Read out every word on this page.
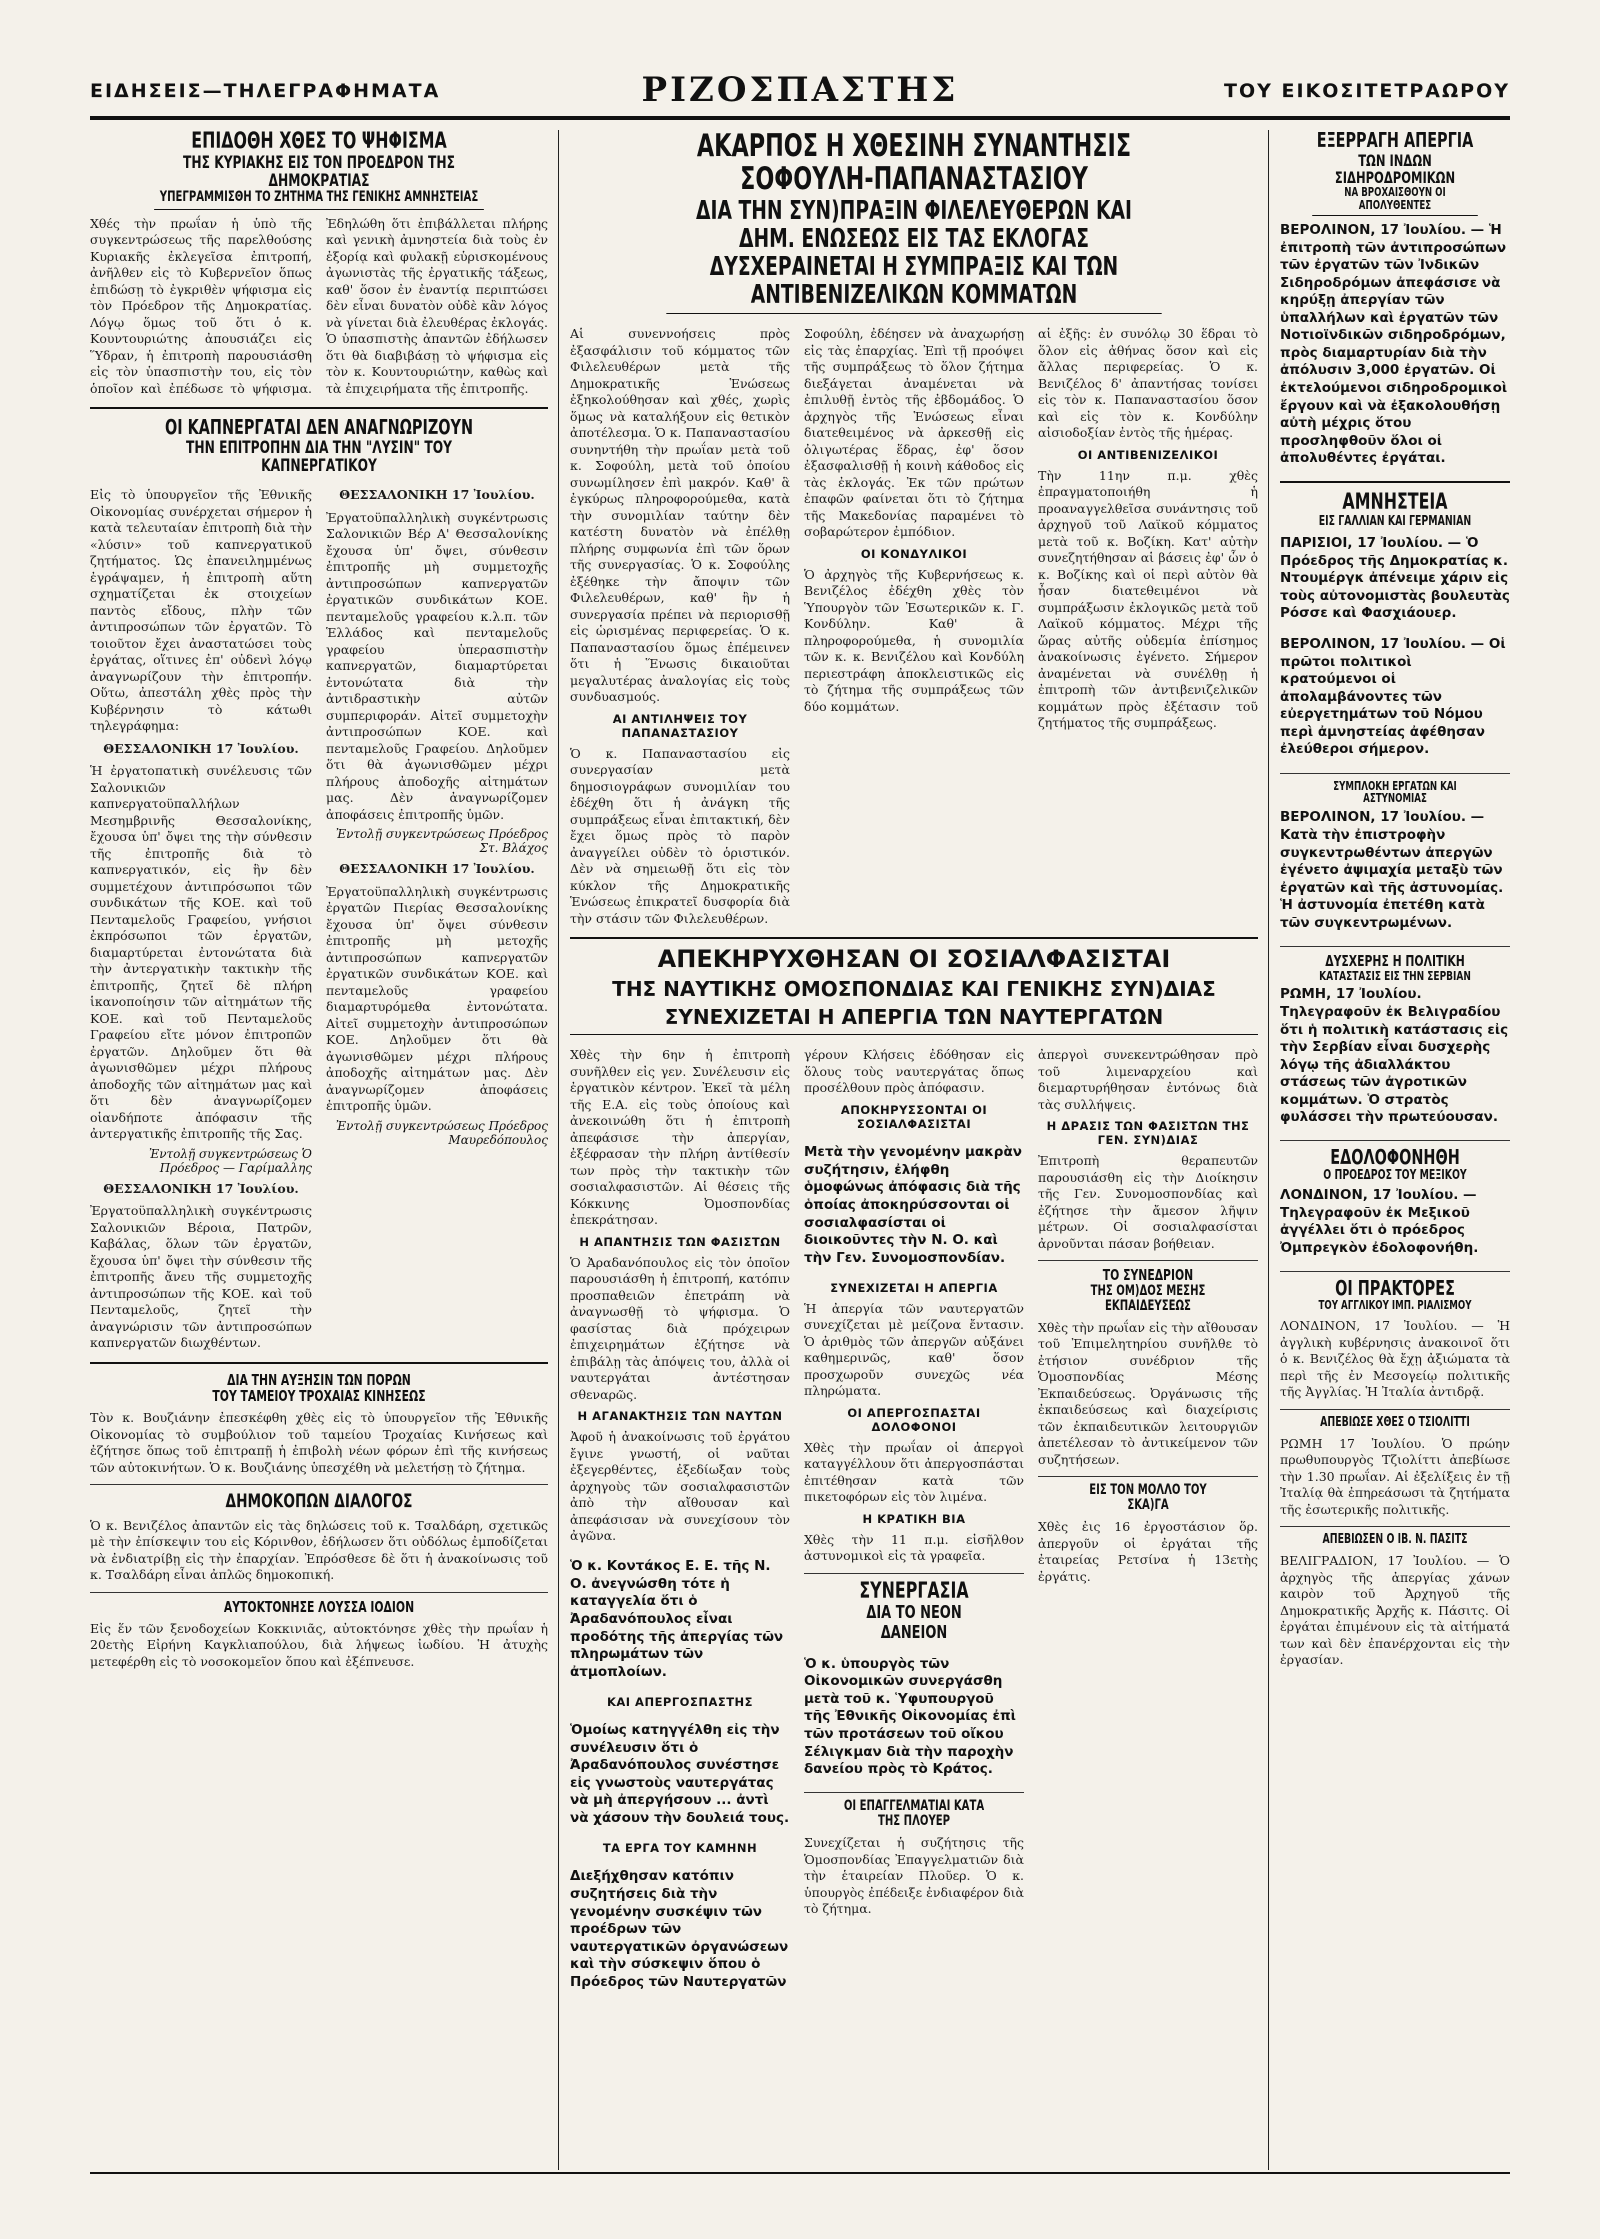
ΕΙΔΗΣΕΙΣ—ΤΗΛΕΓΡΑΦΗΜΑΤΑ	ΡΙΖΟΣΠΑΣΤΗΣ	ΤΟΥ ΕΙΚΟΣΙΤΕΤΡΑΩΡΟΥ
ΕΠΙΔΟΘΗ ΧΘΕΣ ΤΟ ΨΗΦΙΣΜΑ
ΤΗΣ ΚΥΡΙΑΚΗΣ ΕΙΣ ΤΟΝ ΠΡΟΕΔΡΟΝ ΤΗΣ ΔΗΜΟΚΡΑΤΙΑΣ
ΥΠΕΓΡΑΜΜΙΣΘΗ ΤΟ ΖΗΤΗΜΑ ΤΗΣ ΓΕΝΙΚΗΣ ΑΜΝΗΣΤΕΙΑΣ

Χθές τὴν πρωΐαν ἡ ὑπὸ τῆς συγκεντρώσεως τῆς παρελθούσης Κυριακῆς ἐκλεγεῖσα ἐπιτροπή, ἀνῆλθεν εἰς τὸ Κυβερνεῖον ὅπως ἐπιδώσῃ τὸ ἐγκριθὲν ψήφισμα εἰς τὸν Πρόεδρον τῆς Δημοκρατίας. Λόγῳ ὅμως τοῦ ὅτι ὁ κ. Κουντουριώτης ἀπουσιάζει εἰς Ὕδραν, ἡ ἐπιτροπὴ παρουσιάσθη εἰς τὸν ὑπασπιστὴν του, εἰς τὸν ὁποῖον καὶ ἐπέδωσε τὸ ψήφισμα. Ἐδηλώθη ὅτι ἐπιβάλλεται πλήρης καὶ γενικὴ ἀμνηστεία διὰ τοὺς ἐν ἐξορίᾳ καὶ φυλακῇ εὑρισκομένους ἀγωνιστὰς τῆς ἐργατικῆς τάξεως, καθ' ὅσον ἐν ἐναντίᾳ περιπτώσει δὲν εἶναι δυνατὸν οὐδὲ κἂν λόγος νὰ γίνεται διὰ ἐλευθέρας ἐκλογάς. Ὁ ὑπασπιστὴς ἀπαντῶν ἐδήλωσεν ὅτι θὰ διαβιβάσῃ τὸ ψήφισμα εἰς τὸν κ. Κουντουριώτην, καθὼς καὶ τὰ ἐπιχειρήματα τῆς ἐπιτροπῆς.

ΟΙ ΚΑΠΝΕΡΓΑΤΑΙ ΔΕΝ ΑΝΑΓΝΩΡΙΖΟΥΝ
ΤΗΝ ΕΠΙΤΡΟΠΗΝ ΔΙΑ ΤΗΝ "ΛΥΣΙΝ" ΤΟΥ ΚΑΠΝΕΡΓΑΤΙΚΟΥ

Εἰς τὸ ὑπουργεῖον τῆς Ἐθνικῆς Οἰκονομίας συνέρχεται σήμερον ἡ κατὰ τελευταίαν ἐπιτροπὴ διὰ τὴν «λύσιν» τοῦ καπνεργατικοῦ ζητήματος. Ὡς ἐπανειλημμένως ἐγράψαμεν, ἡ ἐπιτροπὴ αὕτη σχηματίζεται ἐκ στοιχείων παντὸς εἴδους, πλὴν τῶν ἀντιπροσώπων τῶν ἐργατῶν. Τὸ τοιοῦτον ἔχει ἀναστατώσει τοὺς ἐργάτας, οἵτινες ἐπ' οὐδενὶ λόγῳ ἀναγνωρίζουν τὴν ἐπιτροπήν. Οὕτω, ἀπεστάλη χθὲς πρὸς τὴν Κυβέρνησιν τὸ κάτωθι τηλεγράφημα:

ΘΕΣΣΑΛΟΝΙΚΗ 17 Ἰουλίου.

Ἡ ἐργατοπατικὴ συνέλευσις τῶν Σαλονικιῶν καπνεργατοϋπαλλήλων Μεσημβρινῆς Θεσσαλονίκης, ἔχουσα ὑπ' ὄψει της τὴν σύνθεσιν τῆς ἐπιτροπῆς διὰ τὸ καπνεργατικόν, εἰς ἣν δὲν συμμετέχουν ἀντιπρόσωποι τῶν συνδικάτων τῆς ΚΟΕ. καὶ τοῦ Πενταμελοῦς Γραφείου, γνήσιοι ἐκπρόσωποι τῶν ἐργατῶν, διαμαρτύρεται ἐντονώτατα διὰ τὴν ἀντεργατικὴν τακτικὴν τῆς ἐπιτροπῆς, ζητεῖ δὲ πλήρη ἱκανοποίησιν τῶν αἰτημάτων τῆς ΚΟΕ. καὶ τοῦ Πενταμελοῦς Γραφείου εἴτε μόνον ἐπιτροπῶν ἐργατῶν. Δηλοῦμεν ὅτι θὰ ἀγωνισθῶμεν μέχρι πλήρους ἀποδοχῆς τῶν αἰτημάτων μας καὶ ὅτι δὲν ἀναγνωρίζομεν οἱανδήποτε ἀπόφασιν τῆς ἀντεργατικῆς ἐπιτροπῆς τῆς Σας.

Ἐντολῇ συγκεντρώσεως Ὁ Πρόεδρος — Γαρίμαλλης

ΘΕΣΣΑΛΟΝΙΚΗ 17 Ἰουλίου.

Ἐργατοϋπαλληλικὴ συγκέντρωσις Σαλονικιῶν Βέροια, Πατρῶν, Καβάλας, ὅλων τῶν ἐργατῶν, ἔχουσα ὑπ' ὄψει τὴν σύνθεσιν τῆς ἐπιτροπῆς ἄνευ τῆς συμμετοχῆς ἀντιπροσώπων τῆς ΚΟΕ. καὶ τοῦ Πενταμελοῦς, ζητεῖ τὴν ἀναγνώρισιν τῶν ἀντιπροσώπων καπνεργατῶν διωχθέντων.

ΘΕΣΣΑΛΟΝΙΚΗ 17 Ἰουλίου.

Ἐργατοϋπαλληλικὴ συγκέντρωσις Σαλονικιῶν Βέρ Α' Θεσσαλονίκης ἔχουσα ὑπ' ὄψει, σύνθεσιν ἐπιτροπῆς μὴ συμμετοχῆς ἀντιπροσώπων καπνεργατῶν ἐργατικῶν συνδικάτων ΚΟΕ. πενταμελοῦς γραφείου κ.λ.π. τῶν Ἑλλάδος καὶ πενταμελοῦς γραφείου ὑπερασπιστὴν καπνεργατῶν, διαμαρτύρεται ἐντονώτατα διὰ τὴν ἀντιδραστικὴν αὐτῶν συμπεριφοράν. Αἰτεῖ συμμετοχὴν ἀντιπροσώπων ΚΟΕ. καὶ πενταμελοῦς Γραφείου. Δηλοῦμεν ὅτι θὰ ἀγωνισθῶμεν μέχρι πλήρους ἀποδοχῆς αἰτημάτων μας. Δὲν ἀναγνωρίζομεν ἀποφάσεις ἐπιτροπῆς ὑμῶν.

Ἐντολῇ συγκεντρώσεως Πρόεδρος Στ. Βλάχος

ΘΕΣΣΑΛΟΝΙΚΗ 17 Ἰουλίου.

Ἐργατοϋπαλληλικὴ συγκέντρωσις ἐργατῶν Πιερίας Θεσσαλονίκης ἔχουσα ὑπ' ὄψει σύνθεσιν ἐπιτροπῆς μὴ μετοχῆς ἀντιπροσώπων καπνεργατῶν ἐργατικῶν συνδικάτων ΚΟΕ. καὶ πενταμελοῦς γραφείου διαμαρτυρόμεθα ἐντονώτατα. Αἰτεῖ συμμετοχὴν ἀντιπροσώπων ΚΟΕ. Δηλοῦμεν ὅτι θὰ ἀγωνισθῶμεν μέχρι πλήρους ἀποδοχῆς αἰτημάτων μας. Δὲν ἀναγνωρίζομεν ἀποφάσεις ἐπιτροπῆς ὑμῶν.

Ἐντολῇ συγκεντρώσεως Πρόεδρος Μαυρεδόπουλος
ΔΙΑ ΤΗΝ ΑΥΞΗΣΙΝ ΤΩΝ ΠΟΡΩΝ
ΤΟΥ ΤΑΜΕΙΟΥ ΤΡΟΧΑΙΑΣ ΚΙΝΗΣΕΩΣ

Τὸν κ. Βουζιάνην ἐπεσκέφθη χθὲς εἰς τὸ ὑπουργεῖον τῆς Ἐθνικῆς Οἰκονομίας τὸ συμβούλιον τοῦ ταμείου Τροχαίας Κινήσεως καὶ ἐζήτησε ὅπως τοῦ ἐπιτραπῇ ἡ ἐπιβολὴ νέων φόρων ἐπὶ τῆς κινήσεως τῶν αὐτοκινήτων. Ὁ κ. Βουζιάνης ὑπεσχέθη νὰ μελετήσῃ τὸ ζήτημα.

ΔΗΜΟΚΟΠΩΝ ΔΙΑΛΟΓΟΣ

Ὁ κ. Βενιζέλος ἀπαντῶν εἰς τὰς δηλώσεις τοῦ κ. Τσαλδάρη, σχετικῶς μὲ τὴν ἐπίσκεψιν του εἰς Κόρινθον, ἐδήλωσεν ὅτι οὐδόλως ἐμποδίζεται νὰ ἐνδιατρίβῃ εἰς τὴν ἐπαρχίαν. Ἐπρόσθεσε δὲ ὅτι ἡ ἀνακοίνωσις τοῦ κ. Τσαλδάρη εἶναι ἀπλῶς δημοκοπική.

ΑΥΤΟΚΤΟΝΗΣΕ ΛΟΥΣΣΑ ΙΟΔΙΟΝ

Εἰς ἕν τῶν ξενοδοχείων Κοκκινιᾶς, αὐτοκτόνησε χθὲς τὴν πρωΐαν ἡ 20ετὴς Εἰρήνη Καγκλιαπούλου, διὰ λήψεως ἰωδίου. Ἡ ἀτυχὴς μετεφέρθη εἰς τὸ νοσοκομεῖον ὅπου καὶ ἐξέπνευσε.

ΑΚΑΡΠΟΣ Η ΧΘΕΣΙΝΗ ΣΥΝΑΝΤΗΣΙΣ ΣΟΦΟΥΛΗ-ΠΑΠΑΝΑΣΤΑΣΙΟΥ
ΔΙΑ ΤΗΝ ΣΥΝ)ΠΡΑΞΙΝ ΦΙΛΕΛΕΥΘΕΡΩΝ ΚΑΙ ΔΗΜ. ΕΝΩΣΕΩΣ ΕΙΣ ΤΑΣ ΕΚΛΟΓΑΣ
ΔΥΣΧΕΡΑΙΝΕΤΑΙ Η ΣΥΜΠΡΑΞΙΣ ΚΑΙ ΤΩΝ ΑΝΤΙΒΕΝΙΖΕΛΙΚΩΝ ΚΟΜΜΑΤΩΝ

Αἱ συνεννοήσεις πρὸς ἐξασφάλισιν τοῦ κόμματος τῶν Φιλελευθέρων μετὰ τῆς Δημοκρατικῆς Ἑνώσεως ἐξηκολούθησαν καὶ χθές, χωρὶς ὅμως νὰ καταλήξουν εἰς θετικὸν ἀποτέλεσμα. Ὁ κ. Παπαναστασίου συνηντήθη τὴν πρωΐαν μετὰ τοῦ κ. Σοφούλη, μετὰ τοῦ ὁποίου συνωμίλησεν ἐπὶ μακρόν. Καθ' ἃ ἐγκύρως πληροφορούμεθα, κατὰ τὴν συνομιλίαν ταύτην δὲν κατέστη δυνατὸν νὰ ἐπέλθῃ πλήρης συμφωνία ἐπὶ τῶν ὅρων τῆς συνεργασίας. Ὁ κ. Σοφούλης ἐξέθηκε τὴν ἄποψιν τῶν Φιλελευθέρων, καθ' ἣν ἡ συνεργασία πρέπει νὰ περιορισθῇ εἰς ὡρισμένας περιφερείας. Ὁ κ. Παπαναστασίου ὅμως ἐπέμεινεν ὅτι ἡ Ἕνωσις δικαιοῦται μεγαλυτέρας ἀναλογίας εἰς τοὺς συνδυασμούς.

ΑΙ ΑΝΤΙΛΗΨΕΙΣ ΤΟΥ ΠΑΠΑΝΑΣΤΑΣΙΟΥ

Ὁ κ. Παπαναστασίου εἰς συνεργασίαν μετὰ δημοσιογράφων συνομιλίαν του ἐδέχθη ὅτι ἡ ἀνάγκη τῆς συμπράξεως εἶναι ἐπιτακτική, δὲν ἔχει ὅμως πρὸς τὸ παρὸν ἀναγγείλει οὐδὲν τὸ ὁριστικόν. Δὲν νὰ σημειωθῇ ὅτι εἰς τὸν κύκλον τῆς Δημοκρατικῆς Ἑνώσεως ἐπικρατεῖ δυσφορία διὰ τὴν στάσιν τῶν Φιλελευθέρων.

Σοφούλη, ἐδέησεν νὰ ἀναχωρήσῃ εἰς τὰς ἐπαρχίας. Ἐπὶ τῇ προόψει τῆς συμπράξεως τὸ ὅλον ζήτημα διεξάγεται ἀναμένεται νὰ ἐπιλυθῇ ἐντὸς τῆς ἐβδομάδος. Ὁ ἀρχηγὸς τῆς Ἑνώσεως εἶναι διατεθειμένος νὰ ἀρκεσθῇ εἰς ὀλιγωτέρας ἕδρας, ἐφ' ὅσον ἐξασφαλισθῇ ἡ κοινὴ κάθοδος εἰς τὰς ἐκλογάς. Ἐκ τῶν πρώτων ἐπαφῶν φαίνεται ὅτι τὸ ζήτημα τῆς Μακεδονίας παραμένει τὸ σοβαρώτερον ἐμπόδιον.

ΟΙ ΚΟΝΔΥΛΙΚΟΙ

Ὁ ἀρχηγὸς τῆς Κυβερνήσεως κ. Βενιζέλος ἐδέχθη χθὲς τὸν Ὑπουργὸν τῶν Ἐσωτερικῶν κ. Γ. Κονδύλην. Καθ' ἃ πληροφορούμεθα, ἡ συνομιλία τῶν κ. κ. Βενιζέλου καὶ Κονδύλη περιεστράφη ἀποκλειστικῶς εἰς τὸ ζήτημα τῆς συμπράξεως τῶν δύο κομμάτων.

αἱ ἐξῆς: ἐν συνόλῳ 30 ἕδραι τὸ ὅλον εἰς ἀθήνας ὅσον καὶ εἰς ἄλλας περιφερείας. Ὁ κ. Βενιζέλος δ' ἀπαντήσας τονίσει εἰς τὸν κ. Παπαναστασίου ὅσον καὶ εἰς τὸν κ. Κονδύλην αἰσιοδοξίαν ἐντὸς τῆς ἡμέρας.

ΟΙ ΑΝΤΙΒΕΝΙΖΕΛΙΚΟΙ

Τὴν 11ην π.μ. χθὲς ἐπραγματοποιήθη ἡ προαναγγελθεῖσα συνάντησις τοῦ ἀρχηγοῦ τοῦ Λαϊκοῦ κόμματος μετὰ τοῦ κ. Βοζίκη. Κατ' αὐτὴν συνεζητήθησαν αἱ βάσεις ἐφ' ὧν ὁ κ. Βοζίκης καὶ οἱ περὶ αὐτὸν θὰ ἦσαν διατεθειμένοι νὰ συμπράξωσιν ἐκλογικῶς μετὰ τοῦ Λαϊκοῦ κόμματος. Μέχρι τῆς ὥρας αὐτῆς οὐδεμία ἐπίσημος ἀνακοίνωσις ἐγένετο. Σήμερον ἀναμένεται νὰ συνέλθῃ ἡ ἐπιτροπὴ τῶν ἀντιβενιζελικῶν κομμάτων πρὸς ἐξέτασιν τοῦ ζητήματος τῆς συμπράξεως.

ΑΠΕΚΗΡΥΧΘΗΣΑΝ ΟΙ ΣΟΣΙΑΛΦΑΣΙΣΤΑΙ
ΤΗΣ ΝΑΥΤΙΚΗΣ ΟΜΟΣΠΟΝΔΙΑΣ ΚΑΙ ΓΕΝΙΚΗΣ ΣΥΝ)ΔΙΑΣ
ΣΥΝΕΧΙΖΕΤΑΙ Η ΑΠΕΡΓΙΑ ΤΩΝ ΝΑΥΤΕΡΓΑΤΩΝ

Χθὲς τὴν 6ην ἡ ἐπιτροπὴ συνῆλθεν εἰς γεν. Συνέλευσιν εἰς ἐργατικὸν κέντρον. Ἐκεῖ τὰ μέλη τῆς Ε.Α. εἰς τοὺς ὁποίους καὶ ἀνεκοινώθη ὅτι ἡ ἐπιτροπὴ ἀπεφάσισε τὴν ἀπεργίαν, ἐξέφρασαν τὴν πλήρη ἀντίθεσίν των πρὸς τὴν τακτικὴν τῶν σοσιαλφασιστῶν. Αἱ θέσεις τῆς Κόκκινης Ὀμοσπονδίας ἐπεκράτησαν.

Η ΑΠΑΝΤΗΣΙΣ ΤΩΝ ΦΑΣΙΣΤΩΝ

Ὁ Ἀραδανόπουλος εἰς τὸν ὁποῖον παρουσιάσθη ἡ ἐπιτροπή, κατόπιν προσπαθειῶν ἐπετράπη νὰ ἀναγνωσθῇ τὸ ψήφισμα. Ὁ φασίστας διὰ πρόχειρων ἐπιχειρημάτων ἐζήτησε νὰ ἐπιβάλῃ τὰς ἀπόψεις του, ἀλλὰ οἱ ναυτεργάται ἀντέστησαν σθεναρῶς.

Η ΑΓΑΝΑΚΤΗΣΙΣ ΤΩΝ ΝΑΥΤΩΝ

Ἀφοῦ ἡ ἀνακοίνωσις τοῦ ἐργάτου ἔγινε γνωστή, οἱ ναῦται ἐξεγερθέντες, ἐξεδίωξαν τοὺς ἀρχηγοὺς τῶν σοσιαλφασιστῶν ἀπὸ τὴν αἴθουσαν καὶ ἀπεφάσισαν νὰ συνεχίσουν τὸν ἀγῶνα.

Ὁ κ. Κοντάκος Ε. Ε. τῆς Ν. Ο. ἀνεγνώσθη τότε ἡ καταγγελία ὅτι ὁ Ἀραδανόπουλος εἶναι προδότης τῆς ἀπεργίας τῶν πληρωμάτων τῶν ἀτμοπλοίων.

ΚΑΙ ΑΠΕΡΓΟΣΠΑΣΤΗΣ

Ὁμοίως κατηγγέλθη εἰς τὴν συνέλευσιν ὅτι ὁ Ἀραδανόπουλος συνέστησε εἰς γνωστοὺς ναυτεργάτας νὰ μὴ ἀπεργήσουν ... ἀντὶ νὰ χάσουν τὴν δουλειά τους.

ΤΑ ΕΡΓΑ ΤΟΥ ΚΑΜΗΝΗ

Διεξήχθησαν κατόπιν συζητήσεις διὰ τὴν γενομένην συσκέψιν τῶν προέδρων τῶν ναυτεργατικῶν ὀργανώσεων καὶ τὴν σύσκεψιν ὅπου ὁ Πρόεδρος τῶν Ναυτεργατῶν

γέρουν Κλήσεις ἐδόθησαν εἰς ὅλους τοὺς ναυτεργάτας ὅπως προσέλθουν πρὸς ἀπόφασιν.

ΑΠΟΚΗΡΥΣΣΟΝΤΑΙ ΟΙ ΣΟΣΙΑΛΦΑΣΙΣΤΑΙ

Μετὰ τὴν γενομένην μακρὰν συζήτησιν, ἐλήφθη ὁμοφώνως ἀπόφασις διὰ τῆς ὁποίας ἀποκηρύσσονται οἱ σοσιαλφασίσται οἱ διοικοῦντες τὴν Ν. Ο. καὶ τὴν Γεν. Συνομοσπονδίαν.

ΣΥΝΕΧΙΖΕΤΑΙ Η ΑΠΕΡΓΙΑ

Ἡ ἀπεργία τῶν ναυτεργατῶν συνεχίζεται μὲ μείζονα ἔντασιν. Ὁ ἀριθμὸς τῶν ἀπεργῶν αὐξάνει καθημερινῶς, καθ' ὅσον προσχωροῦν συνεχῶς νέα πληρώματα.

ΟΙ ΑΠΕΡΓΟΣΠΑΣΤΑΙ ΔΟΛΟΦΟΝΟΙ

Χθὲς τὴν πρωΐαν οἱ ἀπεργοὶ καταγγέλλουν ὅτι ἀπεργοσπάσται ἐπιτέθησαν κατὰ τῶν πικετοφόρων εἰς τὸν λιμένα.

Η ΚΡΑΤΙΚΗ ΒΙΑ

Χθὲς τὴν 11 π.μ. εἰσῆλθον ἀστυνομικοὶ εἰς τὰ γραφεῖα.

ΣΥΝΕΡΓΑΣΙΑ
ΔΙΑ ΤΟ ΝΕΟΝ ΔΑΝΕΙΟΝ

Ὁ κ. ὑπουργὸς τῶν Οἰκονομικῶν συνεργάσθη μετὰ τοῦ κ. Ὑφυπουργοῦ τῆς Ἐθνικῆς Οἰκονομίας ἐπὶ τῶν προτάσεων τοῦ οἴκου Σέλιγκμαν διὰ τὴν παροχὴν δανείου πρὸς τὸ Κράτος.

ΟΙ ΕΠΑΓΓΕΛΜΑΤΙΑΙ ΚΑΤΑ ΤΗΣ ΠΛΟΥΕΡ

Συνεχίζεται ἡ συζήτησις τῆς Ὁμοσπονδίας Ἐπαγγελματιῶν διὰ τὴν ἑταιρείαν Πλοῦερ. Ὁ κ. ὑπουργὸς ἐπέδειξε ἐνδιαφέρον διὰ τὸ ζήτημα.

ἀπεργοὶ συνεκεντρώθησαν πρὸ τοῦ λιμεναρχείου καὶ διεμαρτυρήθησαν ἐντόνως διὰ τὰς συλλήψεις.

Η ΔΡΑΣΙΣ ΤΩΝ ΦΑΣΙΣΤΩΝ ΤΗΣ ΓΕΝ. ΣΥΝ)ΔΙΑΣ

Ἐπιτροπὴ θεραπευτῶν παρουσιάσθη εἰς τὴν Διοίκησιν τῆς Γεν. Συνομοσπονδίας καὶ ἐζήτησε τὴν ἄμεσον λῆψιν μέτρων. Οἱ σοσιαλφασίσται ἀρνοῦνται πάσαν βοήθειαν.

ΤΟ ΣΥΝΕΔΡΙΟΝ
ΤΗΣ ΟΜ)ΔΟΣ ΜΕΣΗΣ ΕΚΠΑΙΔΕΥΣΕΩΣ

Χθὲς τὴν πρωΐαν εἰς τὴν αἴθουσαν τοῦ Ἐπιμελητηρίου συνῆλθε τὸ ἐτήσιον συνέδριον τῆς Ὁμοσπονδίας Μέσης Ἐκπαιδεύσεως. Ὀργάνωσις τῆς ἐκπαιδεύσεως καὶ διαχείρισις τῶν ἐκπαιδευτικῶν λειτουργιῶν ἀπετέλεσαν τὸ ἀντικείμενον τῶν συζητήσεων.

ΕΙΣ ΤΟΝ ΜΟΛΛΟ ΤΟΥ ΣΚΑ)ΓΑ

Χθὲς ἐις 16 ἐργοστάσιον ὅρ. ἀπεργοῦν οἱ ἐργάται τῆς ἐταιρείας Ρετσίνα ἡ 13ετὴς ἐργάτις.

ΕΞΕΡΡΑΓΗ ΑΠΕΡΓΙΑ
ΤΩΝ ΙΝΔΩΝ ΣΙΔΗΡΟΔΡΟΜΙΚΩΝ
ΝΑ ΒΡΟΧΑΙΣΘΟΥΝ ΟΙ ΑΠΟΛΥΘΕΝΤΕΣ

ΒΕΡΟΛΙΝΟΝ, 17 Ἰουλίου. — Ἡ ἐπιτροπὴ τῶν ἀντιπροσώπων τῶν ἐργατῶν τῶν Ἰνδικῶν Σιδηροδρόμων ἀπεφάσισε νὰ κηρύξῃ ἀπεργίαν τῶν ὑπαλλήλων καὶ ἐργατῶν τῶν Νοτιοϊνδικῶν σιδηροδρόμων, πρὸς διαμαρτυρίαν διὰ τὴν ἀπόλυσιν 3,000 ἐργατῶν. Οἱ ἐκτελούμενοι σιδηροδρομικοὶ ἔργουν καὶ νὰ ἐξακολουθήσῃ αὐτὴ μέχρις ὅτου προσληφθοῦν ὅλοι οἱ ἀπολυθέντες ἐργάται.

ΑΜΝΗΣΤΕΙΑ
ΕΙΣ ΓΑΛΛΙΑΝ ΚΑΙ ΓΕΡΜΑΝΙΑΝ

ΠΑΡΙΣΙΟΙ, 17 Ἰουλίου. — Ὁ Πρόεδρος τῆς Δημοκρατίας κ. Ντουμέργκ ἀπένειμε χάριν εἰς τοὺς αὐτονομιστὰς βουλευτὰς Ρόσσε καὶ Φασχιάουερ.

ΒΕΡΟΛΙΝΟΝ, 17 Ἰουλίου. — Οἱ πρῶτοι πολιτικοὶ κρατούμενοι οἱ ἀπολαμβάνοντες τῶν εὐεργετημάτων τοῦ Νόμου περὶ ἀμνηστείας ἀφέθησαν ἐλεύθεροι σήμερον.

ΣΥΜΠΛΟΚΗ ΕΡΓΑΤΩΝ ΚΑΙ ΑΣΤΥΝΟΜΙΑΣ

ΒΕΡΟΛΙΝΟΝ, 17 Ἰουλίου. — Κατὰ τὴν ἐπιστροφὴν συγκεντρωθέντων ἀπεργῶν ἐγένετο ἀψιμαχία μεταξὺ τῶν ἐργατῶν καὶ τῆς ἀστυνομίας. Ἡ ἀστυνομία ἐπετέθη κατὰ τῶν συγκεντρωμένων.

ΔΥΣΧΕΡΗΣ Η ΠΟΛΙΤΙΚΗ
ΚΑΤΑΣΤΑΣΙΣ ΕΙΣ ΤΗΝ ΣΕΡΒΙΑΝ

ΡΩΜΗ, 17 Ἰουλίου. Τηλεγραφοῦν ἐκ Βελιγραδίου ὅτι ἡ πολιτικὴ κατάστασις εἰς τὴν Σερβίαν εἶναι δυσχερὴς λόγῳ τῆς ἀδιαλλάκτου στάσεως τῶν ἀγροτικῶν κομμάτων. Ὁ στρατὸς φυλάσσει τὴν πρωτεύουσαν.

ΕΔΟΛΟΦΟΝΗΘΗ
Ο ΠΡΟΕΔΡΟΣ ΤΟΥ ΜΕΞΙΚΟΥ

ΛΟΝΔΙΝΟΝ, 17 Ἰουλίου. — Τηλεγραφοῦν ἐκ Μεξικοῦ ἀγγέλλει ὅτι ὁ πρόεδρος Ὀμπρεγκὸν ἐδολοφονήθη.

ΟΙ ΠΡΑΚΤΟΡΕΣ
ΤΟΥ ΑΓΓΛΙΚΟΥ ΙΜΠ. ΡΙΑΛΙΣΜΟΥ

ΛΟΝΔΙΝΟΝ, 17 Ἰουλίου. — Ἡ ἀγγλικὴ κυβέρνησις ἀνακοινοῖ ὅτι ὁ κ. Βενιζέλος θὰ ἔχῃ ἀξιώματα τὰ περὶ τῆς ἐν Μεσογείῳ πολιτικῆς τῆς Ἀγγλίας. Ἡ Ἰταλία ἀντιδρᾷ.

ΑΠΕΒΙΩΣΕ ΧΘΕΣ Ο ΤΣΙΟΛΙΤΤΙ

ΡΩΜΗ 17 Ἰουλίου. Ὁ πρώην πρωθυπουργὸς Τζιολίττι ἀπεβίωσε τὴν 1.30 πρωΐαν. Αἱ ἐξελίξεις ἐν τῇ Ἰταλίᾳ θὰ ἐπηρεάσωσι τὰ ζητήματα τῆς ἐσωτερικῆς πολιτικῆς.

ΑΠΕΒΙΩΣΕΝ Ο ΙΒ. Ν. ΠΑΣΙΤΣ

ΒΕΛΙΓΡΑΔΙΟΝ, 17 Ἰουλίου. — Ὁ ἀρχηγὸς τῆς ἀπεργίας χάνων καιρὸν τοῦ Ἀρχηγοῦ τῆς Δημοκρατικῆς Ἀρχῆς κ. Πάσιτς. Οἱ ἐργάται ἐπιμένουν εἰς τὰ αἰτήματά των καὶ δὲν ἐπανέρχονται εἰς τὴν ἐργασίαν.
